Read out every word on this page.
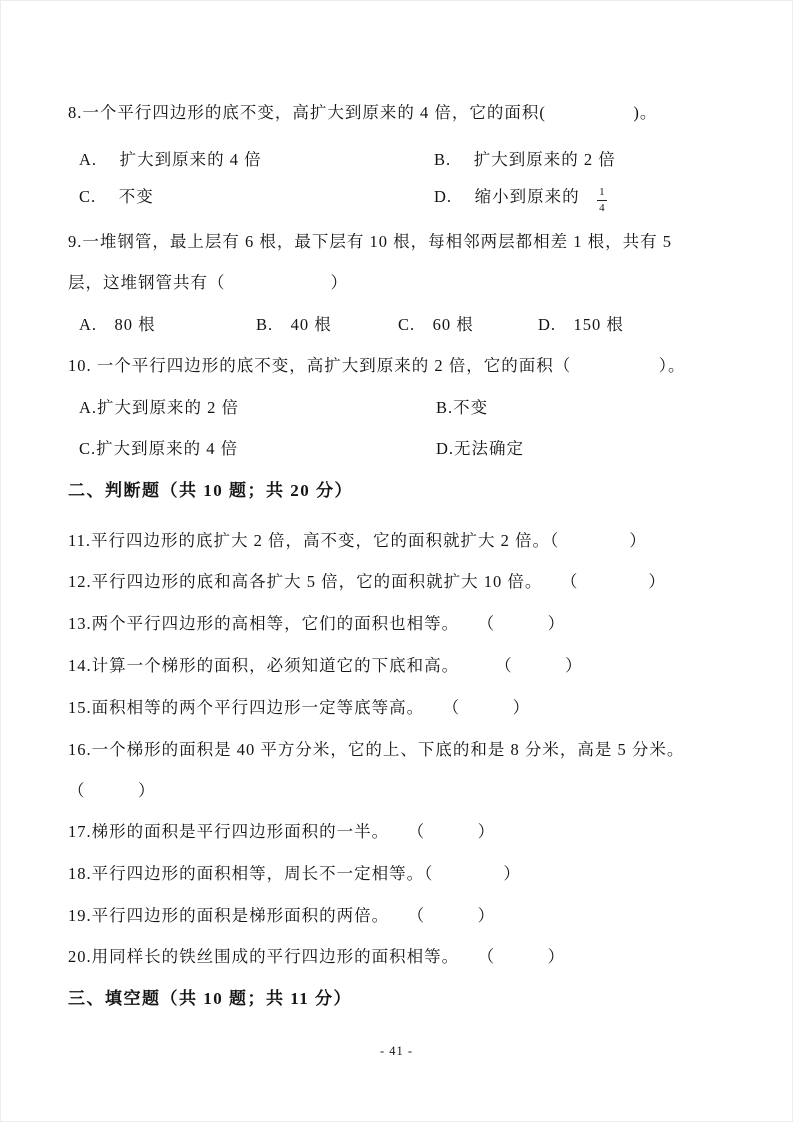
8.一个平行四边形的底不变，高扩大到原来的 4 倍，它的面积(　　　　　)。

A.　 扩大到原来的 4 倍	B.　 扩大到原来的 2 倍

C.　 不变	D.　 缩小到原来的　 $\frac{1}{4}$

9.一堆钢管，最上层有 6 根，最下层有 10 根，每相邻两层都相差 1 根，共有 5

层，这堆钢管共有（　　　　　　）

A.　80 根	B.　40 根	C.　60 根	D.　150 根

10. 一个平行四边形的底不变，高扩大到原来的 2 倍，它的面积（　　　　　）。

A.扩大到原来的 2 倍	B.不变

C.扩大到原来的 4 倍	D.无法确定

二、判断题（共 10 题；共 20 分）

11.平行四边形的底扩大 2 倍，高不变，它的面积就扩大 2 倍。（　　　　）

12.平行四边形的底和高各扩大 5 倍，它的面积就扩大 10 倍。　　（　　　　）

13.两个平行四边形的高相等，它们的面积也相等。　　（　　　）

14.计算一个梯形的面积，必须知道它的下底和高。　　　（　　　）

15.面积相等的两个平行四边形一定等底等高。　　（　　　）

16.一个梯形的面积是 40 平方分米，它的上、下底的和是 8 分米，高是 5 分米。

（　　　）

17.梯形的面积是平行四边形面积的一半。　　（　　　）

18.平行四边形的面积相等，周长不一定相等。（　　　　）

19.平行四边形的面积是梯形面积的两倍。　　（　　　）

20.用同样长的铁丝围成的平行四边形的面积相等。　　（　　　）

三、填空题（共 10 题；共 11 分）

- 41 -
